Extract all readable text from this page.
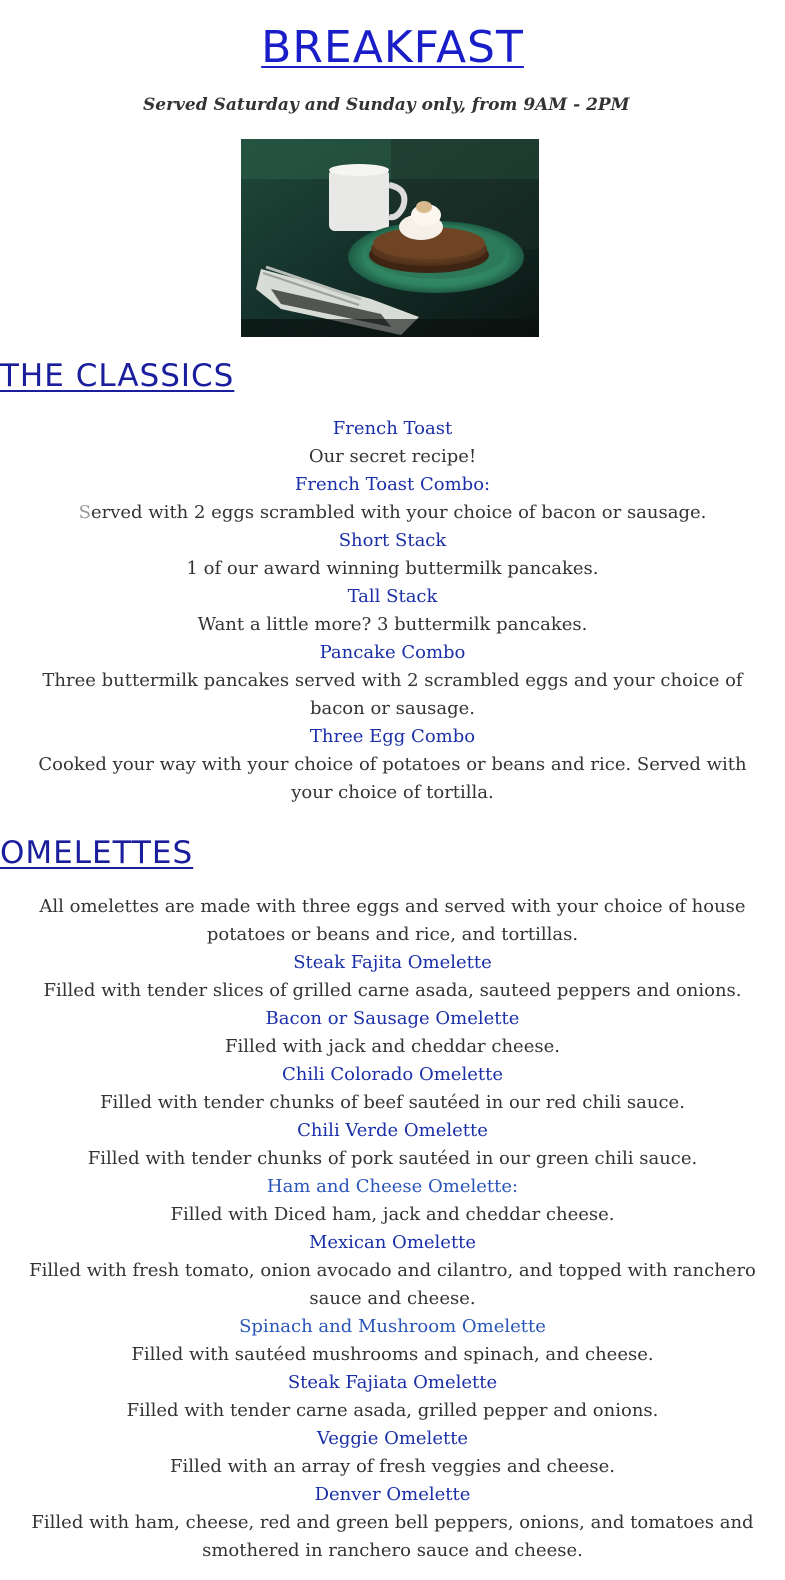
BREAKFAST

Served Saturday and Sunday only, from 9AM - 2PM

THE CLASSICS

French Toast

Our secret recipe!

French Toast Combo:

Served with 2 eggs scrambled with your choice of bacon or sausage.

Short Stack

1 of our award winning buttermilk pancakes.

Tall Stack

Want a little more? 3 buttermilk pancakes.

Pancake Combo

Three buttermilk pancakes served with 2 scrambled eggs and your choice of bacon or sausage.

Three Egg Combo

Cooked your way with your choice of potatoes or beans and rice. Served with your choice of tortilla.

OMELETTES

All omelettes are made with three eggs and served with your choice of house potatoes or beans and rice, and tortillas.

Steak Fajita Omelette

Filled with tender slices of grilled carne asada, sauteed peppers and onions.

Bacon or Sausage Omelette

Filled with jack and cheddar cheese.

Chili Colorado Omelette

Filled with tender chunks of beef sautéed in our red chili sauce.

Chili Verde Omelette

Filled with tender chunks of pork sautéed in our green chili sauce.

Ham and Cheese Omelette:

Filled with Diced ham, jack and cheddar cheese.

Mexican Omelette

Filled with fresh tomato, onion avocado and cilantro, and topped with ranchero sauce and cheese.

Spinach and Mushroom Omelette

Filled with sautéed mushrooms and spinach, and cheese.

Steak Fajiata Omelette

Filled with tender carne asada, grilled pepper and onions.

Veggie Omelette

Filled with an array of fresh veggies and cheese.

Denver Omelette

Filled with ham, cheese, red and green bell peppers, onions, and tomatoes and smothered in ranchero sauce and cheese.
